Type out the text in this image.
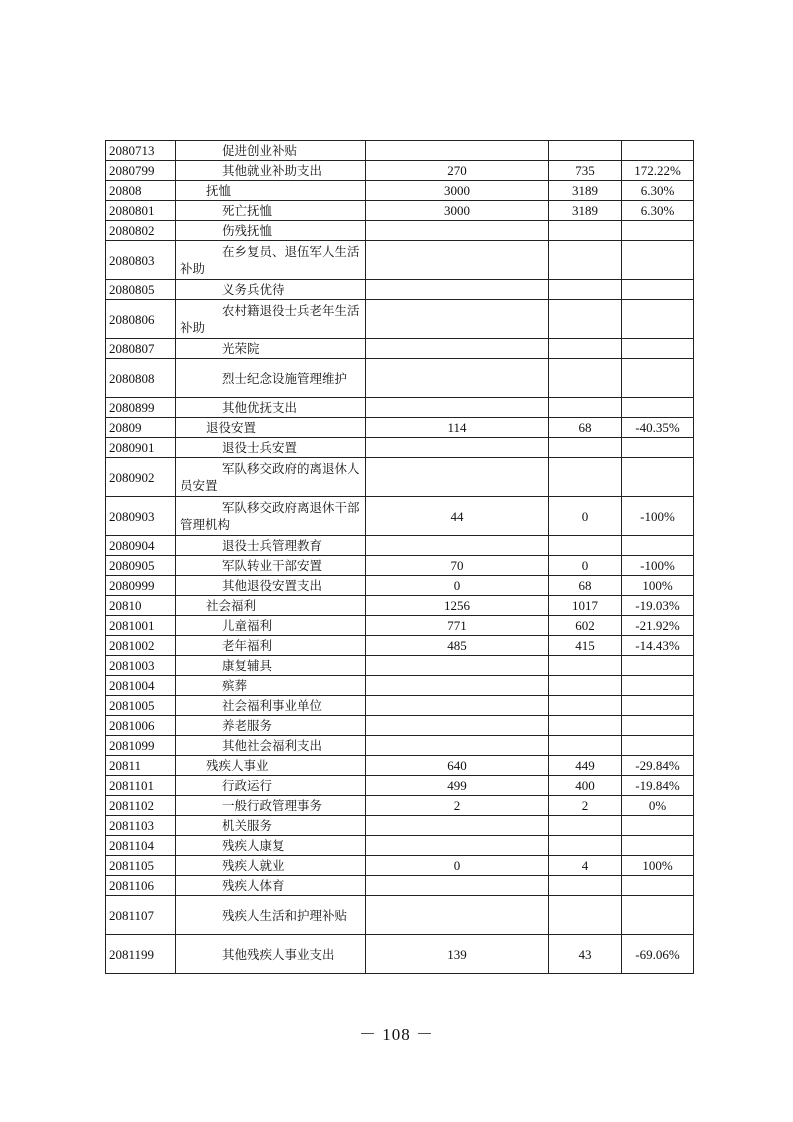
2080713	促进创业补贴			
2080799	其他就业补助支出	270	735	172.22%
20808	抚恤	3000	3189	6.30%
2080801	死亡抚恤	3000	3189	6.30%
2080802	伤残抚恤			
2080803	在乡复员、退伍军人生活补助			
2080805	义务兵优待			
2080806	农村籍退役士兵老年生活补助			
2080807	光荣院			
2080808	烈士纪念设施管理维护			
2080899	其他优抚支出			
20809	退役安置	114	68	-40.35%
2080901	退役士兵安置			
2080902	军队移交政府的离退休人员安置			
2080903	军队移交政府离退休干部管理机构	44	0	-100%
2080904	退役士兵管理教育			
2080905	军队转业干部安置	70	0	-100%
2080999	其他退役安置支出	0	68	100%
20810	社会福利	1256	1017	-19.03%
2081001	儿童福利	771	602	-21.92%
2081002	老年福利	485	415	-14.43%
2081003	康复辅具			
2081004	殡葬			
2081005	社会福利事业单位			
2081006	养老服务			
2081099	其他社会福利支出			
20811	残疾人事业	640	449	-29.84%
2081101	行政运行	499	400	-19.84%
2081102	一般行政管理事务	2	2	0%
2081103	机关服务			
2081104	残疾人康复			
2081105	残疾人就业	0	4	100%
2081106	残疾人体育			
2081107	残疾人生活和护理补贴			
2081199	其他残疾人事业支出	139	43	-69.06%
－ 108 －
